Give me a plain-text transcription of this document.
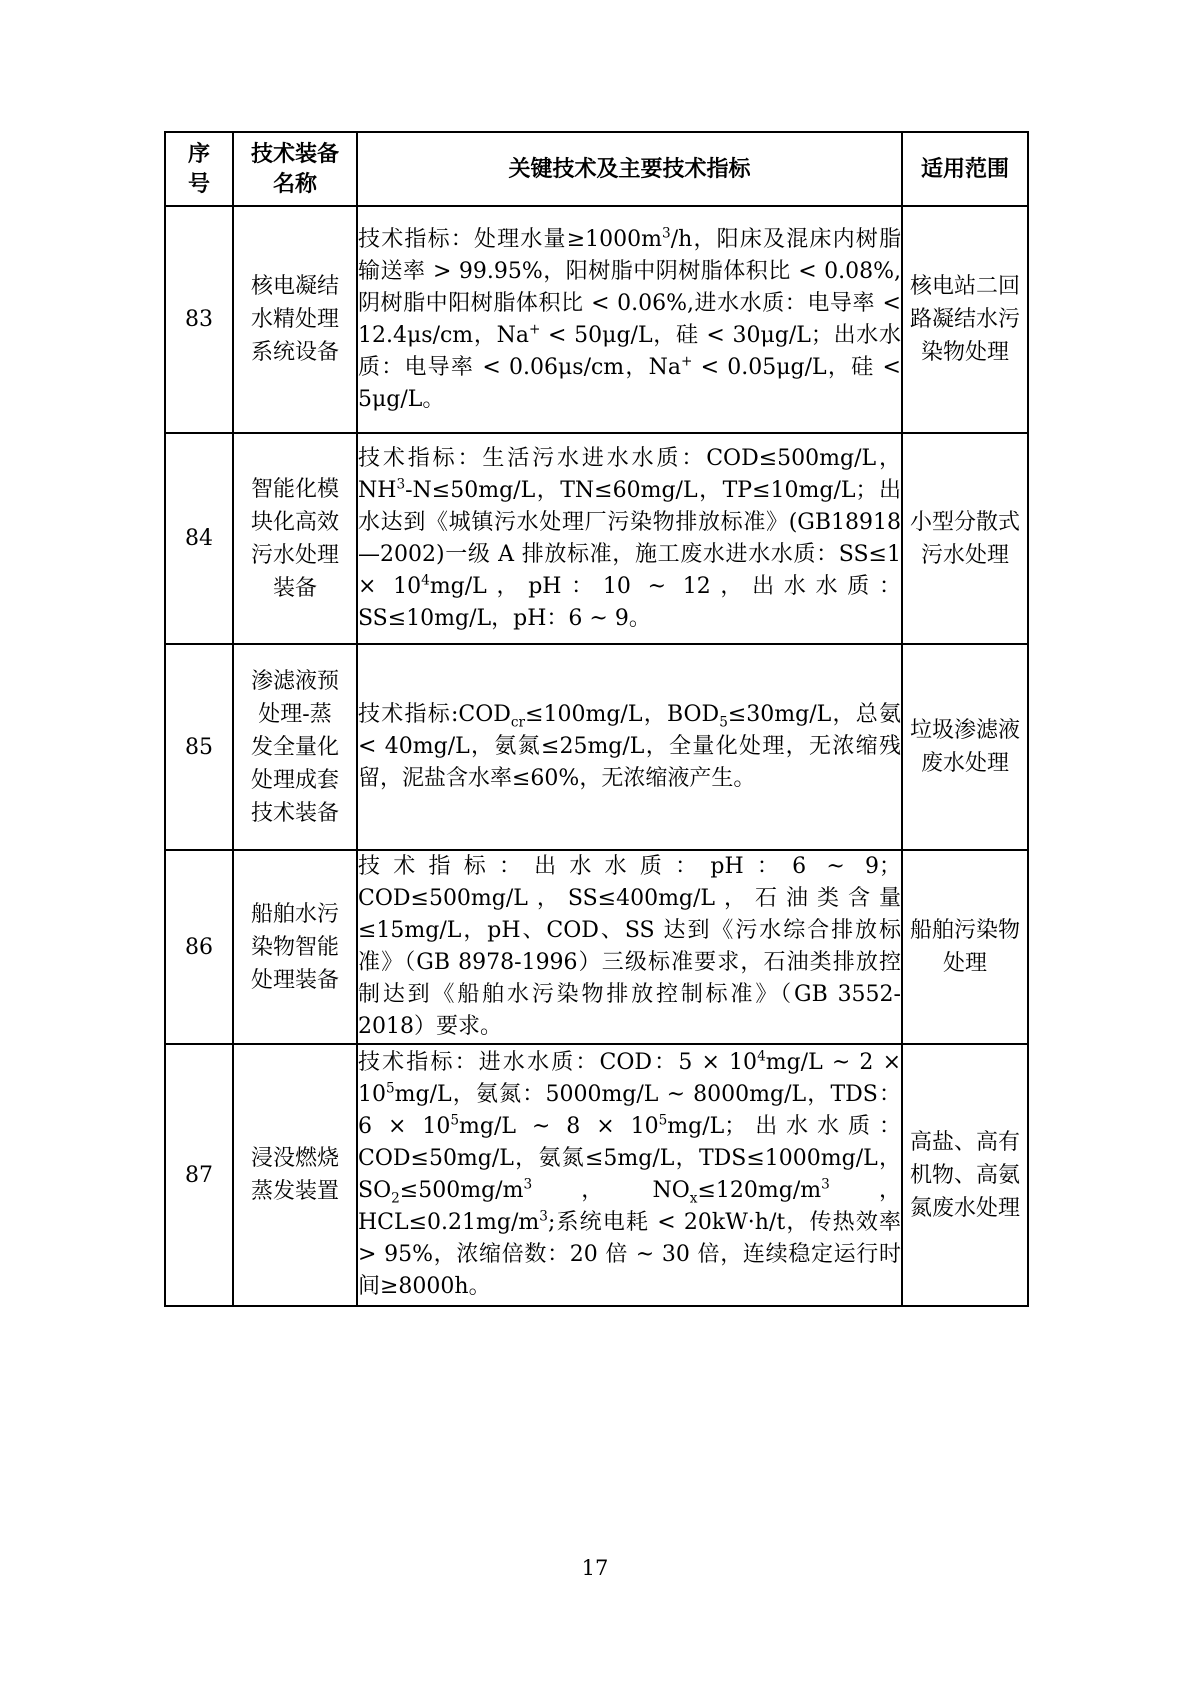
序号	技术装备名称	关键技术及主要技术指标	适用范围
83	核电凝结水精处理系统设备	技术指标：处理水量$\ge 1000m^3/h$，阳床及混床内树脂输送率 > 99.95%，阳树脂中阴树脂体积比 < 0.08%,阴树脂中阳树脂体积比 < 0.06%,进水水质：电导率 < 12.4μs/cm，Na+ < 50μg/L，硅 < 30μg/L；出水水质：电导率 < 0.06μs/cm，Na+ < 0.05μg/L，硅 < 5μg/L。	核电站二回路凝结水污染物处理
84	智能化模块化高效污水处理装备	技术指标：生活污水进水水质：COD≤500mg/L，$NH^3-N\le 50mg/L$，TN≤60mg/L，TP≤10mg/L；出水达到《城镇污水处理厂污染物排放标准》(GB18918—2002)一级 A 排放标准，施工废水进水水质：$SS\le 1 \times 10^4mg/L$，pH：10 ~ 12，出水水质：SS≤10mg/L，pH：6 ~ 9。	小型分散式污水处理
85	渗滤液预处理-蒸发全量化处理成套技术装备	技术指标$:COD_{cr}\le 100mg/L$，$BOD_5\le 30mg/L$，总氨 < 40mg/L，氨氮≤25mg/L，全量化处理，无浓缩残留，泥盐含水率≤60%，无浓缩液产生。	垃圾渗滤液废水处理
86	船舶水污染物智能处理装备	技术指标：出水水质：pH：6 ~ 9；COD≤500mg/L，SS≤400mg/L，石油类含量≤15mg/L，pH、COD、SS 达到《污水综合排放标准》（GB 8978-1996）三级标准要求，石油类排放控制达到《船舶水污染物排放控制标准》（GB 3552-2018）要求。	船舶污染物处理
87	浸没燃烧蒸发装置	技术指标：进水水质：COD：$5 \times 10^4mg/L$ ~ $2 \times 10^5mg/L$，氨氮：5000mg/L ~ 8000mg/L，TDS：$6 \times 10^5mg/L$ ~ $8 \times 10^5mg/L$；出水水质：COD≤50mg/L，氨氮≤5mg/L，TDS≤1000mg/L，$SO_2\le 500mg/m^3$，$NO_x\le 120mg/m^3$，$HCL\le 0.21mg/m^3$;系统电耗 < 20kW·h/t，传热效率 > 95%，浓缩倍数：20 倍 ~ 30 倍，连续稳定运行时间≥8000h。	高盐、高有机物、高氨氮废水处理
17
